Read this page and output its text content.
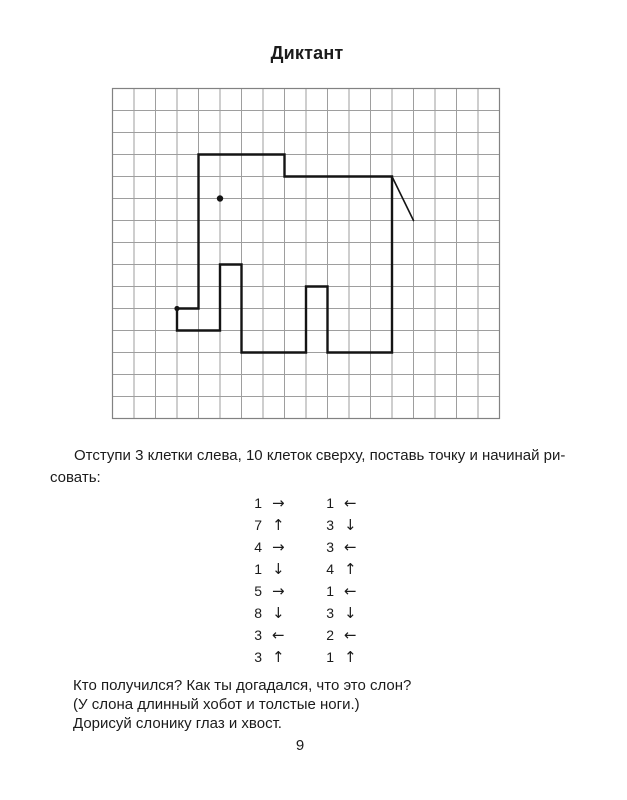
Диктант
Отступи 3 клетки слева, 10 клеток сверху, поставь точку и начинай ри-
совать:
1 →	1 ←
7 ↑	3 ↓
4 →	3 ←
1 ↓	4 ↑
5 →	1 ←
8 ↓	3 ↓
3 ←	2 ←
3 ↑	1 ↑
Кто получился? Как ты догадался, что это слон?
(У слона длинный хобот и толстые ноги.)
Дорисуй слонику глаз и хвост.
9
